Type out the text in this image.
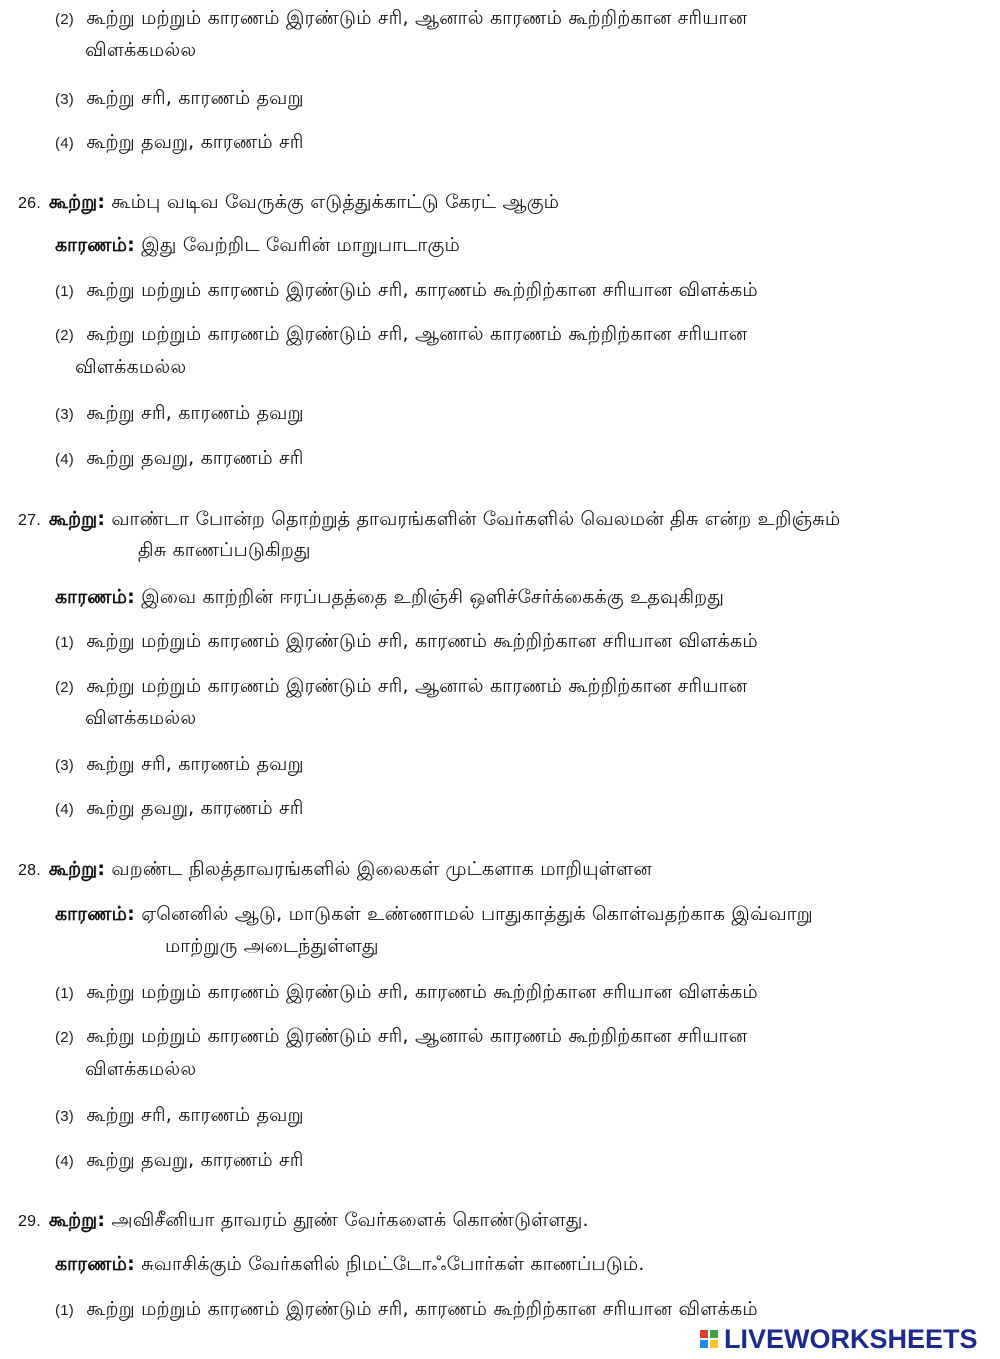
(2) கூற்று மற்றும் காரணம் இரண்டும் சரி, ஆனால் காரணம் கூற்றிற்கான சரியான
விளக்கமல்ல
(3) கூற்று சரி, காரணம் தவறு
(4) கூற்று தவறு, காரணம் சரி
26. கூற்று: கூம்பு வடிவ வேருக்கு எடுத்துக்காட்டு கேரட் ஆகும்
காரணம்: இது வேற்றிட வேரின் மாறுபாடாகும்
(1) கூற்று மற்றும் காரணம் இரண்டும் சரி, காரணம் கூற்றிற்கான சரியான விளக்கம்
(2) கூற்று மற்றும் காரணம் இரண்டும் சரி, ஆனால் காரணம் கூற்றிற்கான சரியான
விளக்கமல்ல
(3) கூற்று சரி, காரணம் தவறு
(4) கூற்று தவறு, காரணம் சரி
27. கூற்று: வாண்டா போன்ற தொற்றுத் தாவரங்களின் வேர்களில் வெலமன் திசு என்ற உறிஞ்சும்
திசு காணப்படுகிறது
காரணம்: இவை காற்றின் ஈரப்பதத்தை உறிஞ்சி ஒளிச்சேர்க்கைக்கு உதவுகிறது
(1) கூற்று மற்றும் காரணம் இரண்டும் சரி, காரணம் கூற்றிற்கான சரியான விளக்கம்
(2) கூற்று மற்றும் காரணம் இரண்டும் சரி, ஆனால் காரணம் கூற்றிற்கான சரியான
விளக்கமல்ல
(3) கூற்று சரி, காரணம் தவறு
(4) கூற்று தவறு, காரணம் சரி
28. கூற்று: வறண்ட நிலத்தாவரங்களில் இலைகள் முட்களாக மாறியுள்ளன
காரணம்: ஏனெனில் ஆடு, மாடுகள் உண்ணாமல் பாதுகாத்துக் கொள்வதற்காக இவ்வாறு
மாற்றுரு அடைந்துள்ளது
(1) கூற்று மற்றும் காரணம் இரண்டும் சரி, காரணம் கூற்றிற்கான சரியான விளக்கம்
(2) கூற்று மற்றும் காரணம் இரண்டும் சரி, ஆனால் காரணம் கூற்றிற்கான சரியான
விளக்கமல்ல
(3) கூற்று சரி, காரணம் தவறு
(4) கூற்று தவறு, காரணம் சரி
29. கூற்று: அவிசீனியா தாவரம் தூண் வேர்களைக் கொண்டுள்ளது.
காரணம்: சுவாசிக்கும் வேர்களில் நிமட்டோஃபோர்கள் காணப்படும்.
(1) கூற்று மற்றும் காரணம் இரண்டும் சரி, காரணம் கூற்றிற்கான சரியான விளக்கம்
LIVEWORKSHEETS
